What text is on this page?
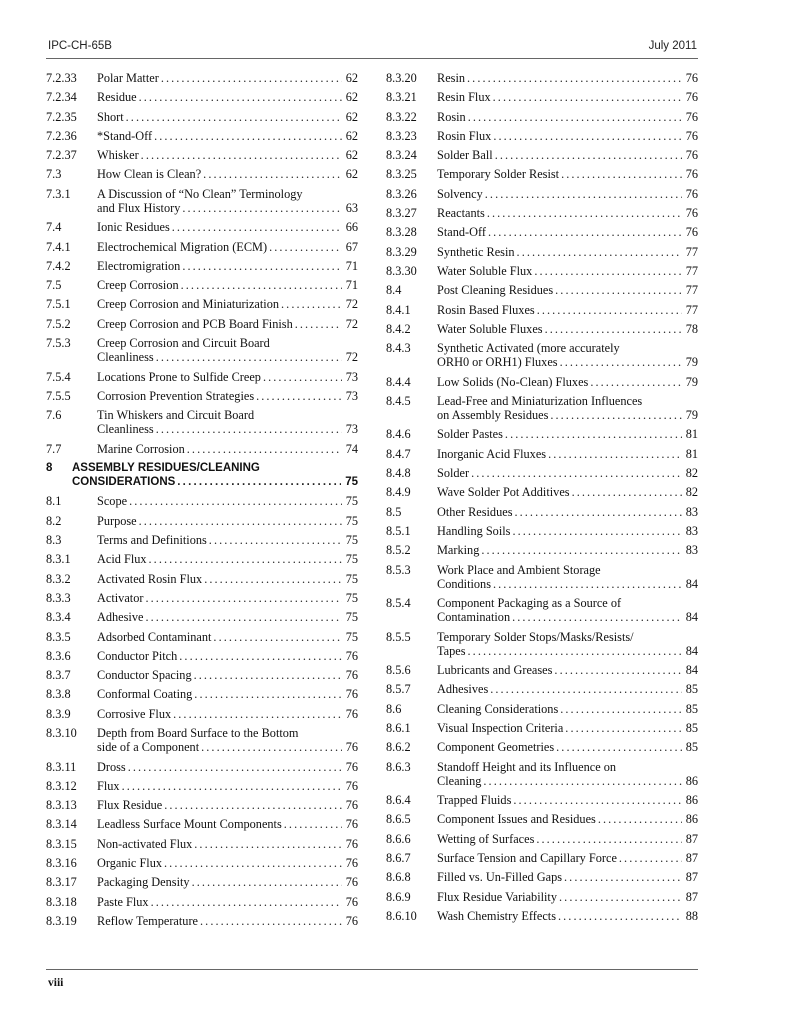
IPC-CH-65B	July 2011
7.2.33	Polar Matter . . .	62
7.2.34	Residue . . .	62
7.2.35	Short . . .	62
7.2.36	*Stand-Off . . .	62
7.2.37	Whisker . . .	62
7.3	How Clean is Clean? . . .	62
7.3.1	A Discussion of “No Clean” Terminology
and Flux History . . .	63
7.4	Ionic Residues . . .	66
7.4.1	Electrochemical Migration (ECM) . . .	67
7.4.2	Electromigration . . .	71
7.5	Creep Corrosion . . .	71
7.5.1	Creep Corrosion and Miniaturization . . .	72
7.5.2	Creep Corrosion and PCB Board Finish . . .	72
7.5.3	Creep Corrosion and Circuit Board
Cleanliness . . .	72
7.5.4	Locations Prone to Sulfide Creep . . .	73
7.5.5	Corrosion Prevention Strategies . . .	73
7.6	Tin Whiskers and Circuit Board
Cleanliness . . .	73
7.7	Marine Corrosion . . .	74
8	ASSEMBLY RESIDUES/CLEANING
CONSIDERATIONS . . .	75
8.1	Scope . . .	75
8.2	Purpose . . .	75
8.3	Terms and Definitions . . .	75
8.3.1	Acid Flux . . .	75
8.3.2	Activated Rosin Flux . . .	75
8.3.3	Activator . . .	75
8.3.4	Adhesive . . .	75
8.3.5	Adsorbed Contaminant . . .	75
8.3.6	Conductor Pitch . . .	76
8.3.7	Conductor Spacing . . .	76
8.3.8	Conformal Coating . . .	76
8.3.9	Corrosive Flux . . .	76
8.3.10	Depth from Board Surface to the Bottom
side of a Component . . .	76
8.3.11	Dross . . .	76
8.3.12	Flux . . .	76
8.3.13	Flux Residue . . .	76
8.3.14	Leadless Surface Mount Components . . .	76
8.3.15	Non-activated Flux . . .	76
8.3.16	Organic Flux . . .	76
8.3.17	Packaging Density . . .	76
8.3.18	Paste Flux . . .	76
8.3.19	Reflow Temperature . . .	76
8.3.20	Resin . . .	76
8.3.21	Resin Flux . . .	76
8.3.22	Rosin . . .	76
8.3.23	Rosin Flux . . .	76
8.3.24	Solder Ball . . .	76
8.3.25	Temporary Solder Resist . . .	76
8.3.26	Solvency . . .	76
8.3.27	Reactants . . .	76
8.3.28	Stand-Off . . .	76
8.3.29	Synthetic Resin . . .	77
8.3.30	Water Soluble Flux . . .	77
8.4	Post Cleaning Residues . . .	77
8.4.1	Rosin Based Fluxes . . .	77
8.4.2	Water Soluble Fluxes . . .	78
8.4.3	Synthetic Activated (more accurately
ORH0 or ORH1) Fluxes . . .	79
8.4.4	Low Solids (No-Clean) Fluxes . . .	79
8.4.5	Lead-Free and Miniaturization Influences
on Assembly Residues . . .	79
8.4.6	Solder Pastes . . .	81
8.4.7	Inorganic Acid Fluxes . . .	81
8.4.8	Solder . . .	82
8.4.9	Wave Solder Pot Additives . . .	82
8.5	Other Residues . . .	83
8.5.1	Handling Soils . . .	83
8.5.2	Marking . . .	83
8.5.3	Work Place and Ambient Storage
Conditions . . .	84
8.5.4	Component Packaging as a Source of
Contamination . . .	84
8.5.5	Temporary Solder Stops/Masks/Resists/
Tapes . . .	84
8.5.6	Lubricants and Greases . . .	84
8.5.7	Adhesives . . .	85
8.6	Cleaning Considerations . . .	85
8.6.1	Visual Inspection Criteria . . .	85
8.6.2	Component Geometries . . .	85
8.6.3	Standoff Height and its Influence on
Cleaning . . .	86
8.6.4	Trapped Fluids . . .	86
8.6.5	Component Issues and Residues . . .	86
8.6.6	Wetting of Surfaces . . .	87
8.6.7	Surface Tension and Capillary Force . . .	87
8.6.8	Filled vs. Un-Filled Gaps . . .	87
8.6.9	Flux Residue Variability . . .	87
8.6.10	Wash Chemistry Effects . . .	88
viii
